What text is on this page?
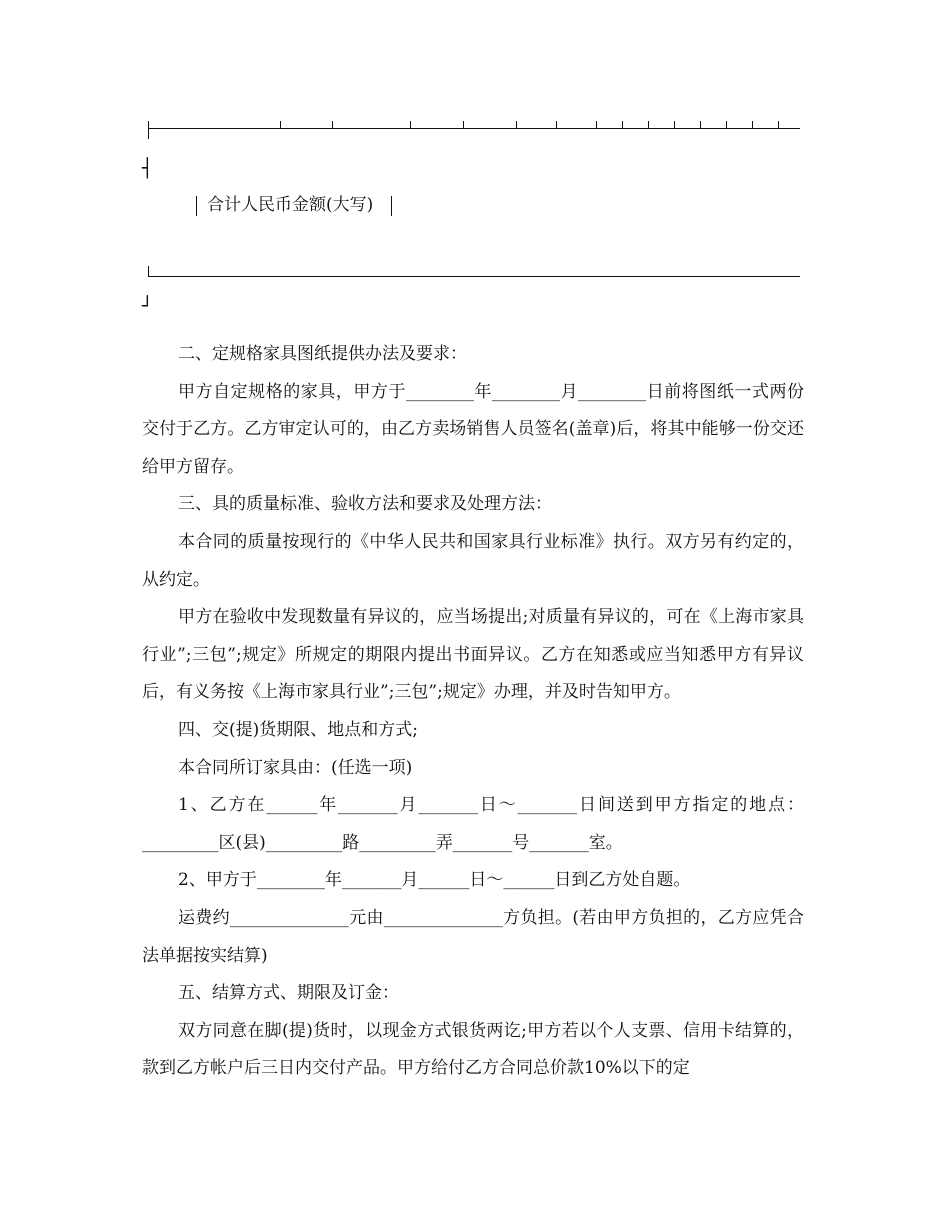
┤
合计人民币金额(大写)
┘

二、定规格家具图纸提供办法及要求：

甲方自定规格的家具，甲方于________年________月________日前将图纸一式两份交付于乙方。乙方审定认可的，由乙方卖场销售人员签名(盖章)后，将其中能够一份交还给甲方留存。

三、具的质量标准、验收方法和要求及处理方法：

本合同的质量按现行的《中华人民共和国家具行业标准》执行。双方另有约定的，从约定。

甲方在验收中发现数量有异议的，应当场提出;对质量有异议的，可在《上海市家具行业”;三包”;规定》所规定的期限内提出书面异议。乙方在知悉或应当知悉甲方有异议后，有义务按《上海市家具行业”;三包”;规定》办理，并及时告知甲方。

四、交(提)货期限、地点和方式;

本合同所订家具由：(任选一项)

1、乙方在______年_______月_______日～_______日间送到甲方指定的地点：_________区(县)_________路_________弄_______号_______室。

2、甲方于________年_______月______日～______日到乙方处自题。

运费约______________元由______________方负担。(若由甲方负担的，乙方应凭合法单据按实结算)

五、结算方式、期限及订金：

双方同意在脚(提)货时，以现金方式银货两讫;甲方若以个人支票、信用卡结算的，款到乙方帐户后三日内交付产品。甲方给付乙方合同总价款10%以下的定
